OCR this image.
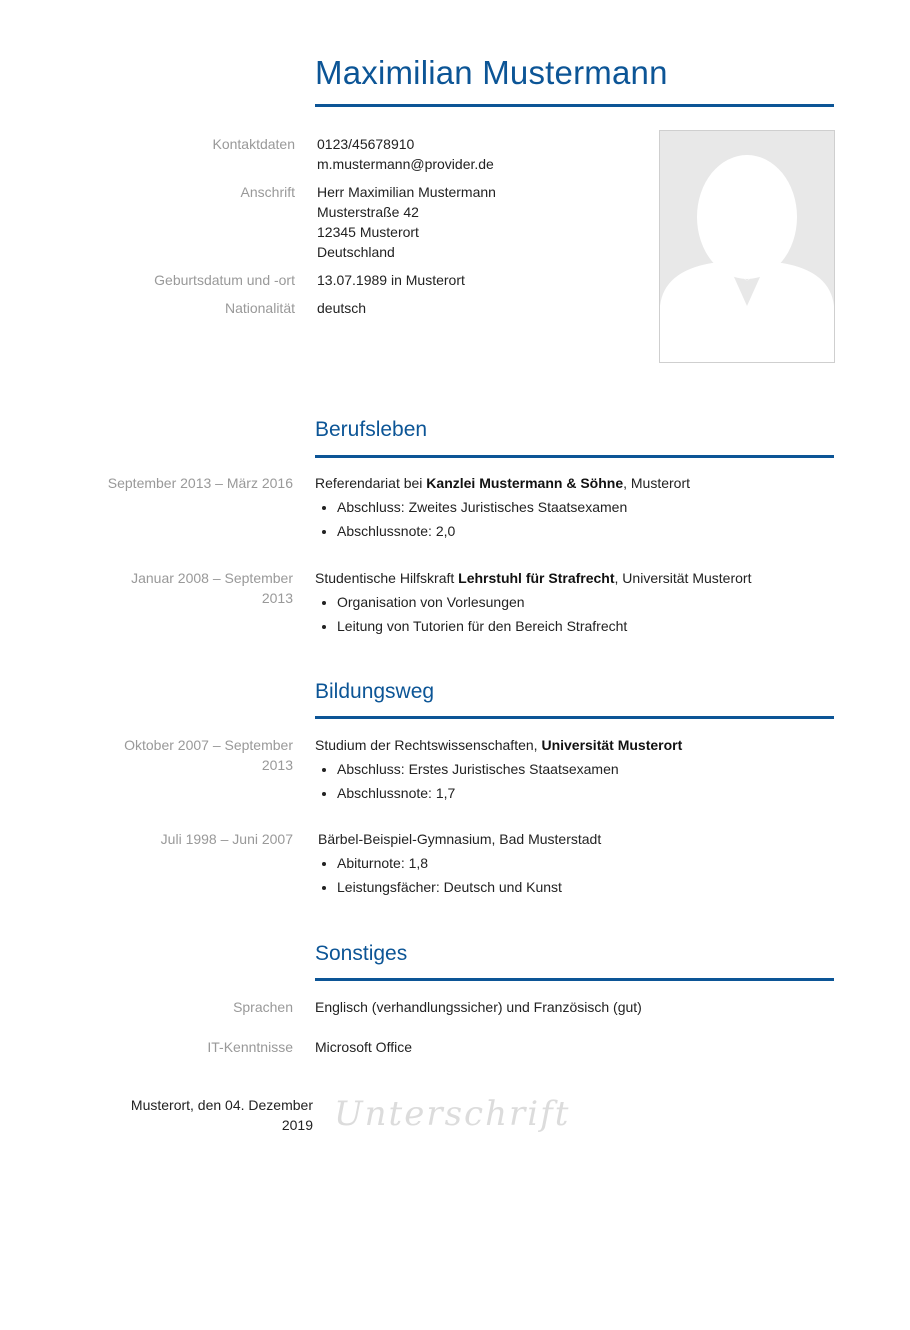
Maximilian Mustermann
Kontaktdaten 0123/45678910
m.mustermann@provider.de
Anschrift Herr Maximilian Mustermann
Musterstraße 42
12345 Musterort
Deutschland
Geburtsdatum und -ort 13.07.1989 in Musterort
Nationalität deutsch
Berufsleben
September 2013 – März 2016 Referendariat bei Kanzlei Mustermann & Söhne, Musterort
• Abschluss: Zweites Juristisches Staatsexamen
• Abschlussnote: 2,0
Januar 2008 – September
2013
Studentische Hilfskraft Lehrstuhl für Strafrecht, Universität Musterort
• Organisation von Vorlesungen
• Leitung von Tutorien für den Bereich Strafrecht
Bildungsweg
Oktober 2007 – September
2013
Studium der Rechtswissenschaften, Universität Musterort
• Abschluss: Erstes Juristisches Staatsexamen
• Abschlussnote: 1,7
Juli 1998 – Juni 2007 Bärbel-Beispiel-Gymnasium, Bad Musterstadt
• Abiturnote: 1,8
• Leistungsfächer: Deutsch und Kunst
Sonstiges
Sprachen Englisch (verhandlungssicher) und Französisch (gut)
IT-Kenntnisse Microsoft Office
Musterort, den 04. Dezember
2019 Unterschrift
